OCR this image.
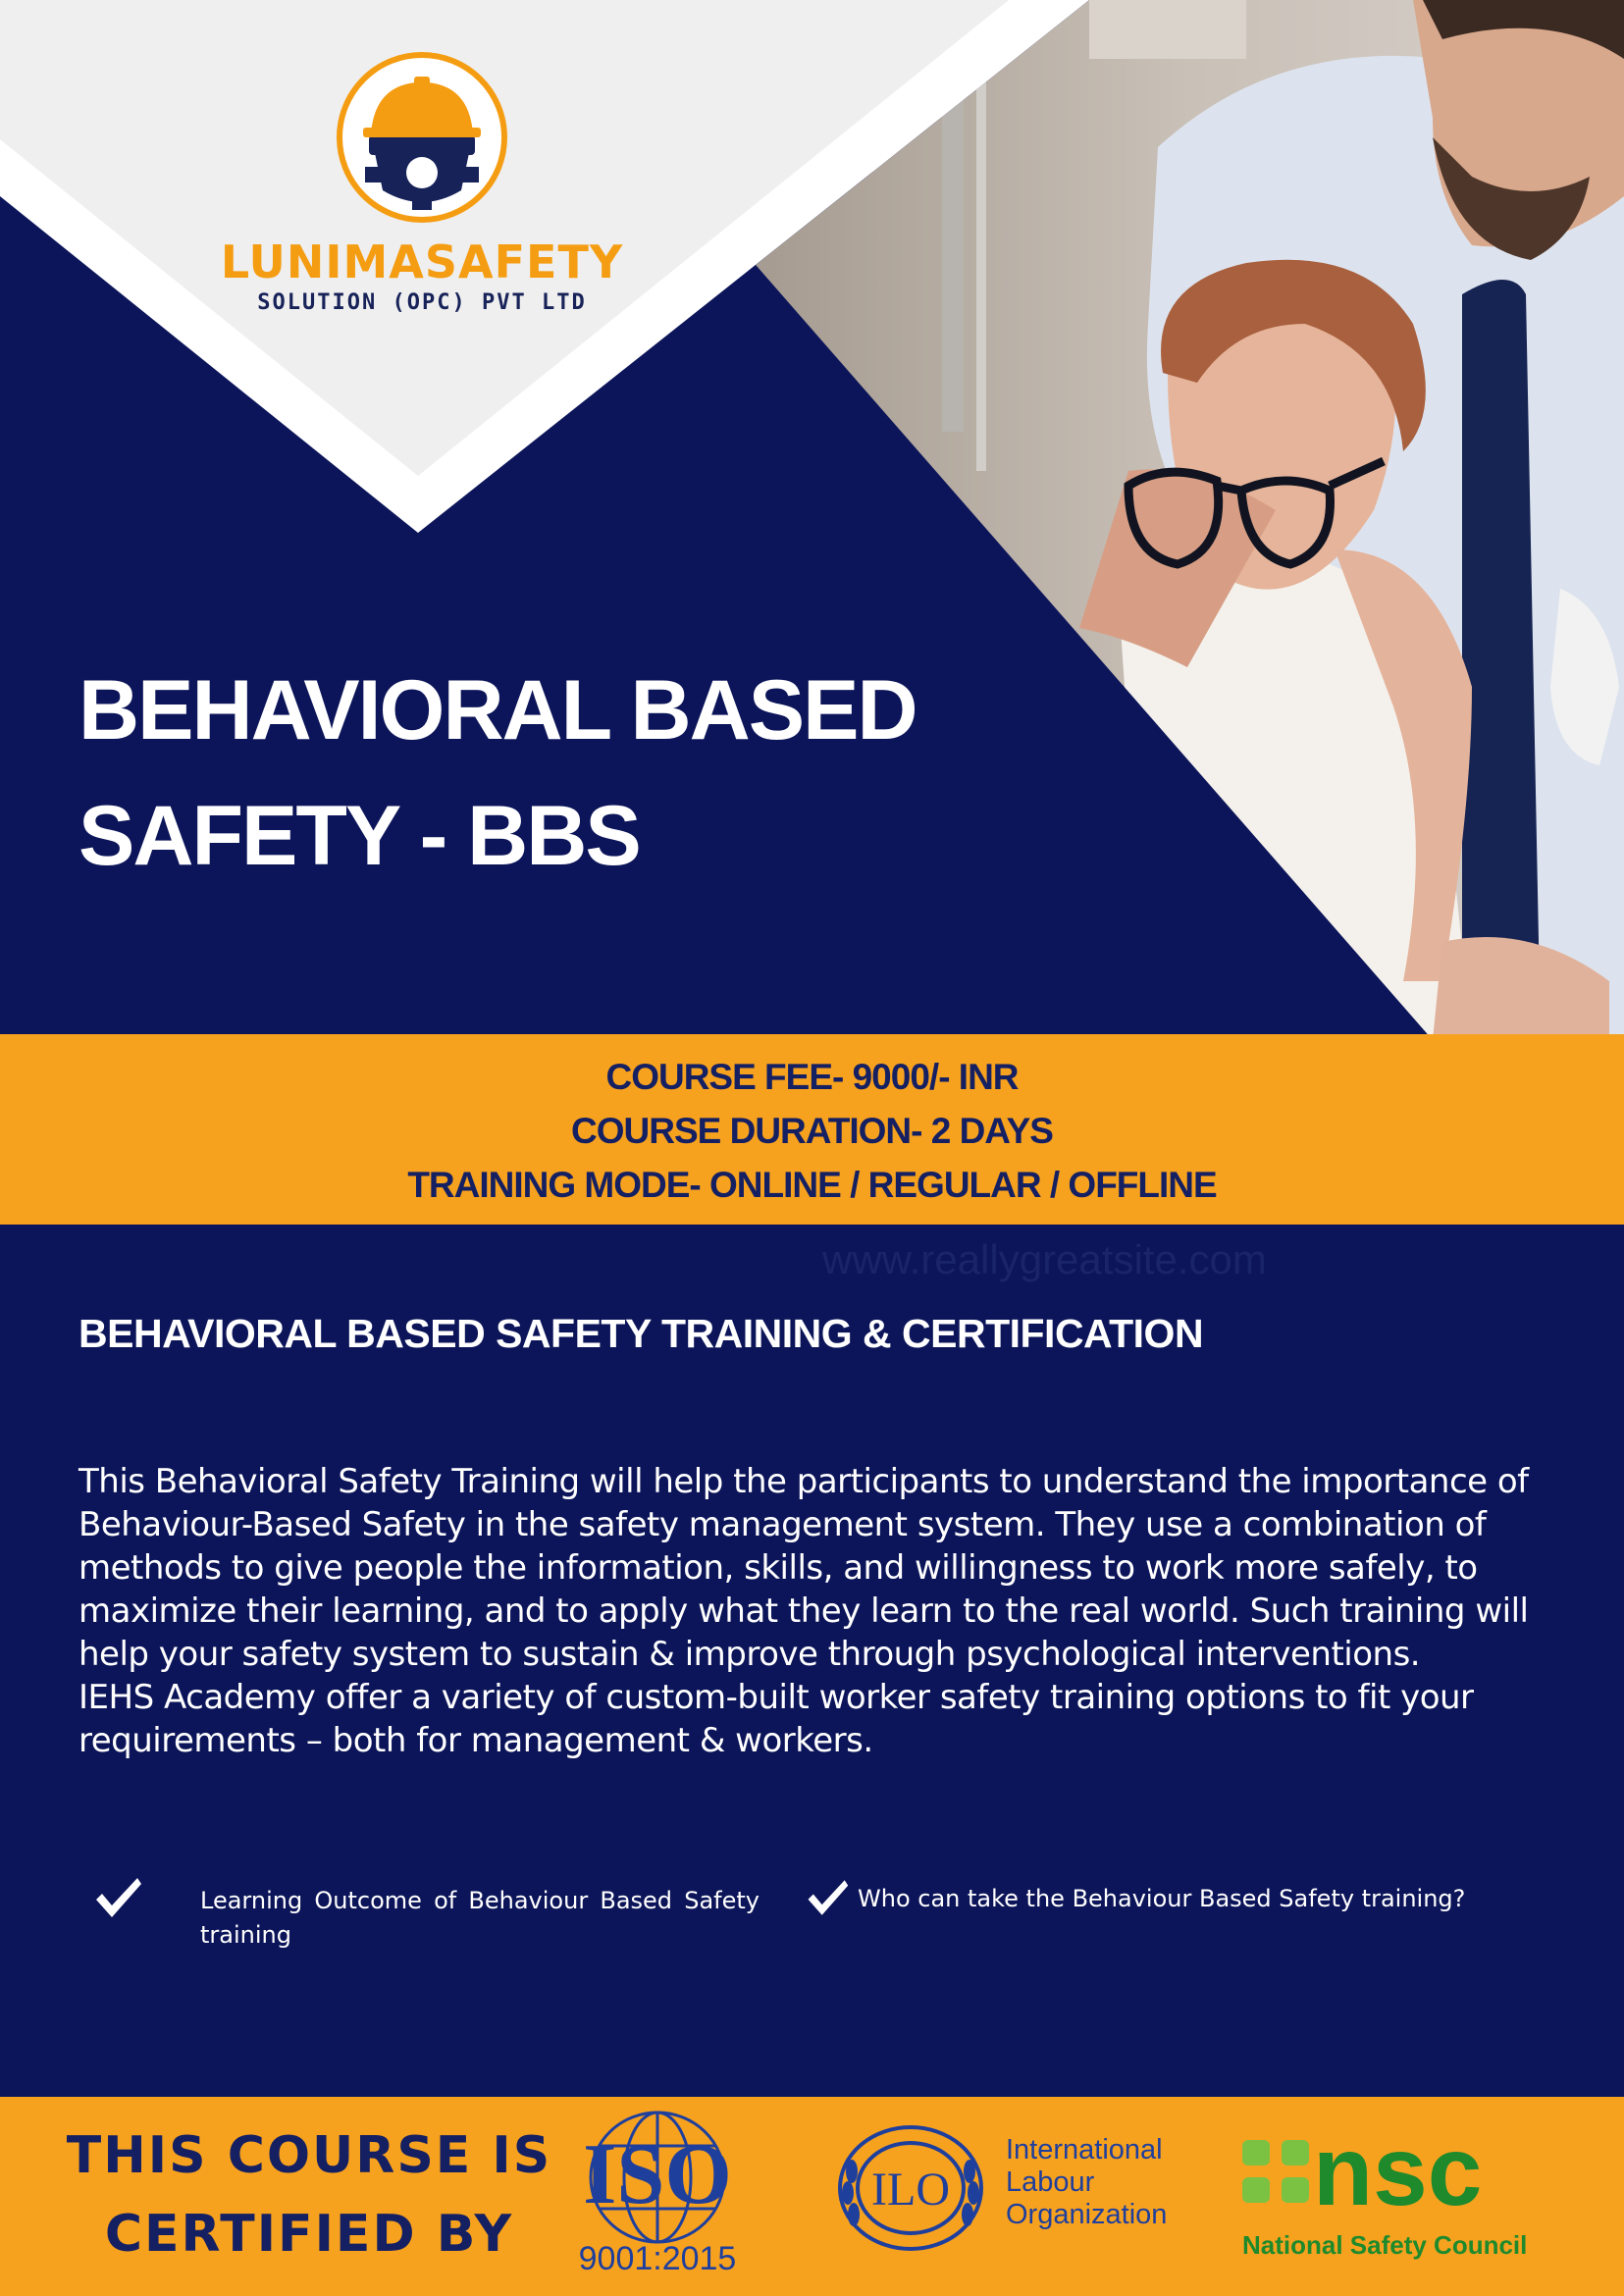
LUNIMASAFETY
SOLUTION (OPC) PVT LTD
BEHAVIORAL BASED
SAFETY - BBS
COURSE FEE- 9000/- INR
COURSE DURATION- 2 DAYS
TRAINING MODE- ONLINE / REGULAR / OFFLINE
www.reallygreatsite.com
BEHAVIORAL BASED SAFETY TRAINING & CERTIFICATION

This Behavioral Safety Training will help the participants to understand the importance of Behaviour-Based Safety in the safety management system. They use a combination of methods to give people the information, skills, and willingness to work more safely, to maximize their learning, and to apply what they learn to the real world. Such training will help your safety system to sustain & improve through psychological interventions.

IEHS Academy offer a variety of custom-built worker safety training options to fit your requirements – both for management & workers.

Learning Outcome of Behaviour Based Safety training
Who can take the Behaviour Based Safety training?
THIS COURSE IS
CERTIFIED BY
ISO
9001:2015
ILO
International
Labour
Organization	nsc
National Safety Council
